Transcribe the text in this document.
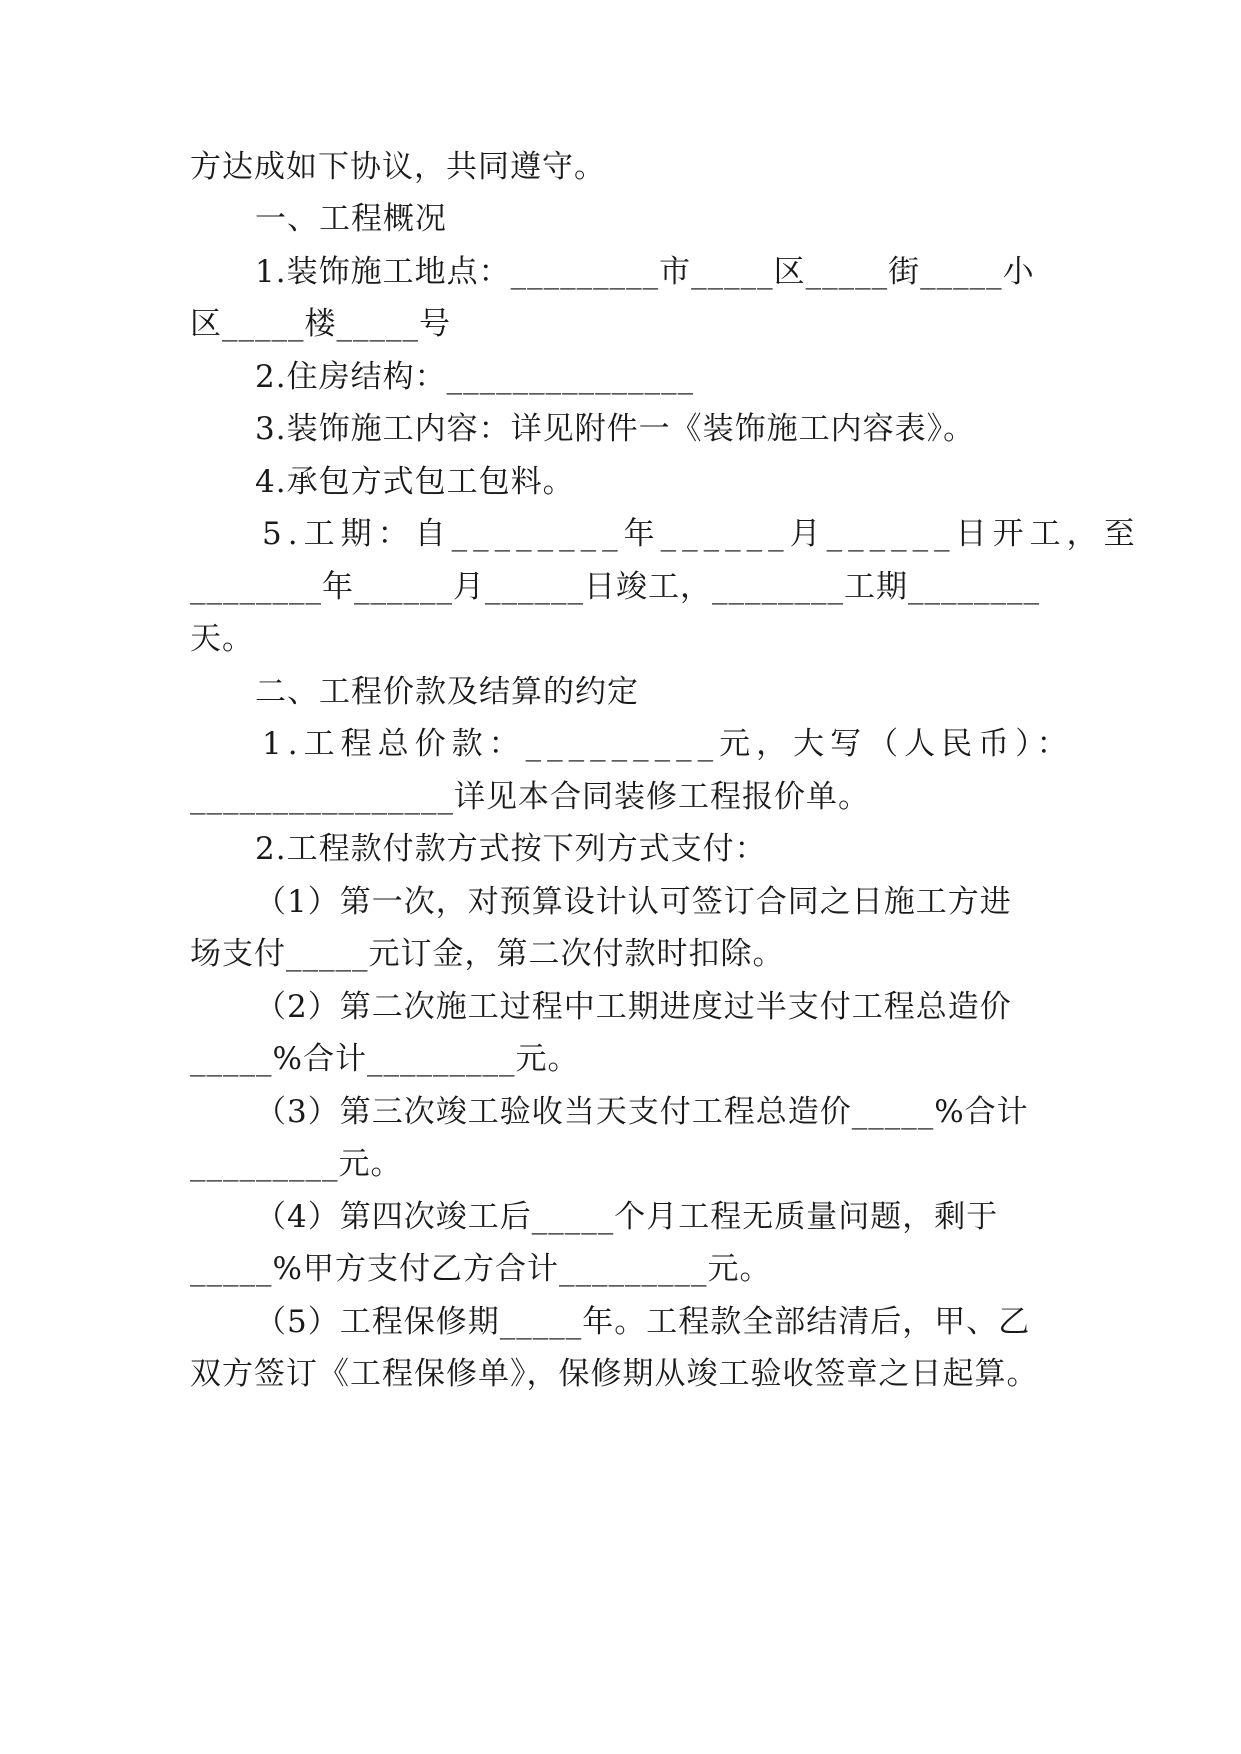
方达成如下协议，共同遵守。
一、工程概况
1.装饰施工地点：_________市_____区_____街_____小
区_____楼_____号
2.住房结构：_______________
3.装饰施工内容：详见附件一《装饰施工内容表》。
4.承包方式包工包料。
5.工期：自________年______月______日开工，至
________年______月______日竣工，________工期________
天。
二、工程价款及结算的约定
1.工程总价款：_________元，大写（人民币）：
________________详见本合同装修工程报价单。
2.工程款付款方式按下列方式支付：
（1）第一次，对预算设计认可签订合同之日施工方进
场支付_____元订金，第二次付款时扣除。
（2）第二次施工过程中工期进度过半支付工程总造价
_____%合计_________元。
（3）第三次竣工验收当天支付工程总造价_____%合计
_________元。
（4）第四次竣工后_____个月工程无质量问题，剩于
_____%甲方支付乙方合计_________元。
（5）工程保修期_____年。工程款全部结清后，甲、乙
双方签订《工程保修单》，保修期从竣工验收签章之日起算。
